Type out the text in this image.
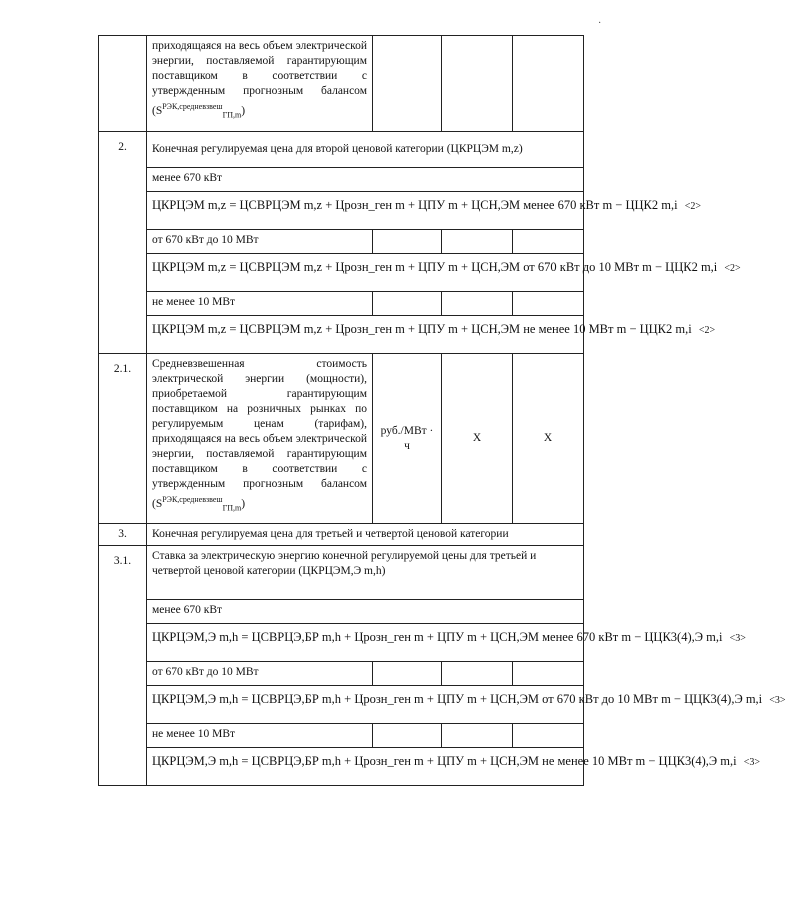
	приходящаяся на весь объем электрической энергии, поставляемой гарантирующим поставщиком в соответствии с утвержденным прогнозным балансом $(S^{РЭК,средневзвеш}_{ГП,m})$			
2.	Конечная регулируемая цена для второй ценовой категории (ЦКРЦЭМ m,z)			
	менее 670 кВт			
	ЦКРЦЭМ m,z = ЦСВРЦЭМ m,z + Црозн_ген m + ЦПУ m + ЦСН,ЭМ менее 670 кВт m − ЦЦК2 m,i <2>			
	от 670 кВт до 10 МВт			
	ЦКРЦЭМ m,z = ЦСВРЦЭМ m,z + Црозн_ген m + ЦПУ m + ЦСН,ЭМ от 670 кВт до 10 МВт m − ЦЦК2 m,i <2>			
	не менее 10 МВт			
	ЦКРЦЭМ m,z = ЦСВРЦЭМ m,z + Црозн_ген m + ЦПУ m + ЦСН,ЭМ не менее 10 МВт m − ЦЦК2 m,i <2>			
2.1.	Средневзвешенная стоимость электрической энергии (мощности), приобретаемой гарантирующим поставщиком на розничных рынках по регулируемым ценам (тарифам), приходящаяся на весь объем электрической энергии, поставляемой гарантирующим поставщиком в соответствии с утвержденным прогнозным балансом $(S^{РЭК,средневзвеш}_{ГП,m})$	руб./МВт · ч	X	X
3.	Конечная регулируемая цена для третьей и четвертой ценовой категории			
3.1.	Ставка за электрическую энергию конечной регулируемой цены для третьей и четвертой ценовой категории (ЦКРЦЭМ,Э m,h)			
	менее 670 кВт			
	ЦКРЦЭМ,Э m,h = ЦСВРЦЭ,БР m,h + Црозн_ген m + ЦПУ m + ЦСН,ЭМ менее 670 кВт m − ЦЦК3(4),Э m,i <3>			
	от 670 кВт до 10 МВт			
	ЦКРЦЭМ,Э m,h = ЦСВРЦЭ,БР m,h + Црозн_ген m + ЦПУ m + ЦСН,ЭМ от 670 кВт до 10 МВт m − ЦЦК3(4),Э m,i <3>			
	не менее 10 МВт			
	ЦКРЦЭМ,Э m,h = ЦСВРЦЭ,БР m,h + Црозн_ген m + ЦПУ m + ЦСН,ЭМ не менее 10 МВт m − ЦЦК3(4),Э m,i <3>			
·
